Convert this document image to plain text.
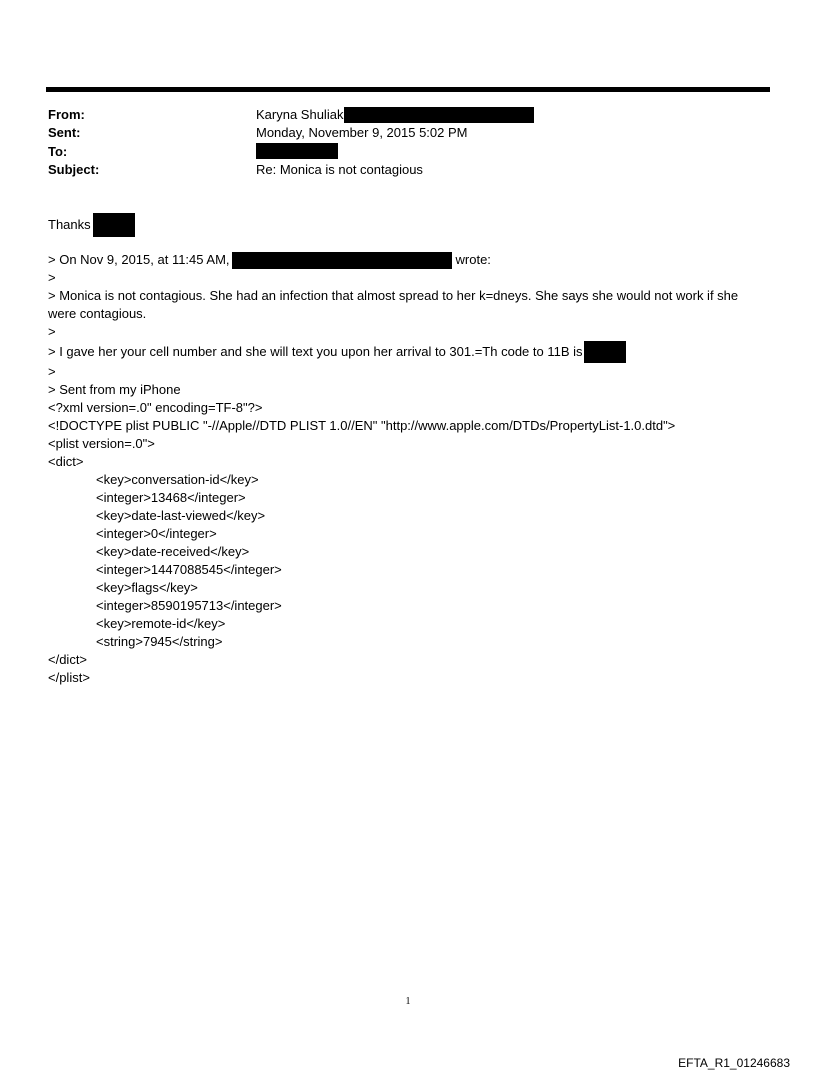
From:	Karyna Shuliak
Sent:	Monday, November 9, 2015 5:02 PM
To:
Subject:	Re: Monica is not contagious
Thanks
> On Nov 9, 2015, at 11:45 AM,	wrote:
>
> Monica is not contagious. She had an infection that almost spread to her k=dneys. She says she would not work if she were contagious.
>
> I gave her your cell number and she will text you upon her arrival to 301.=Th code to 11B is
>
> Sent from my iPhone
<?xml version=.0" encoding=TF-8"?>
<!DOCTYPE plist PUBLIC "-//Apple//DTD PLIST 1.0//EN" "http://www.apple.com/DTDs/PropertyList-1.0.dtd">
<plist version=.0">
<dict>
<key>conversation-id</key>
<integer>13468</integer>
<key>date-last-viewed</key>
<integer>0</integer>
<key>date-received</key>
<integer>1447088545</integer>
<key>flags</key>
<integer>8590195713</integer>
<key>remote-id</key>
<string>7945</string>
</dict>
</plist>
1
EFTA_R1_01246683
